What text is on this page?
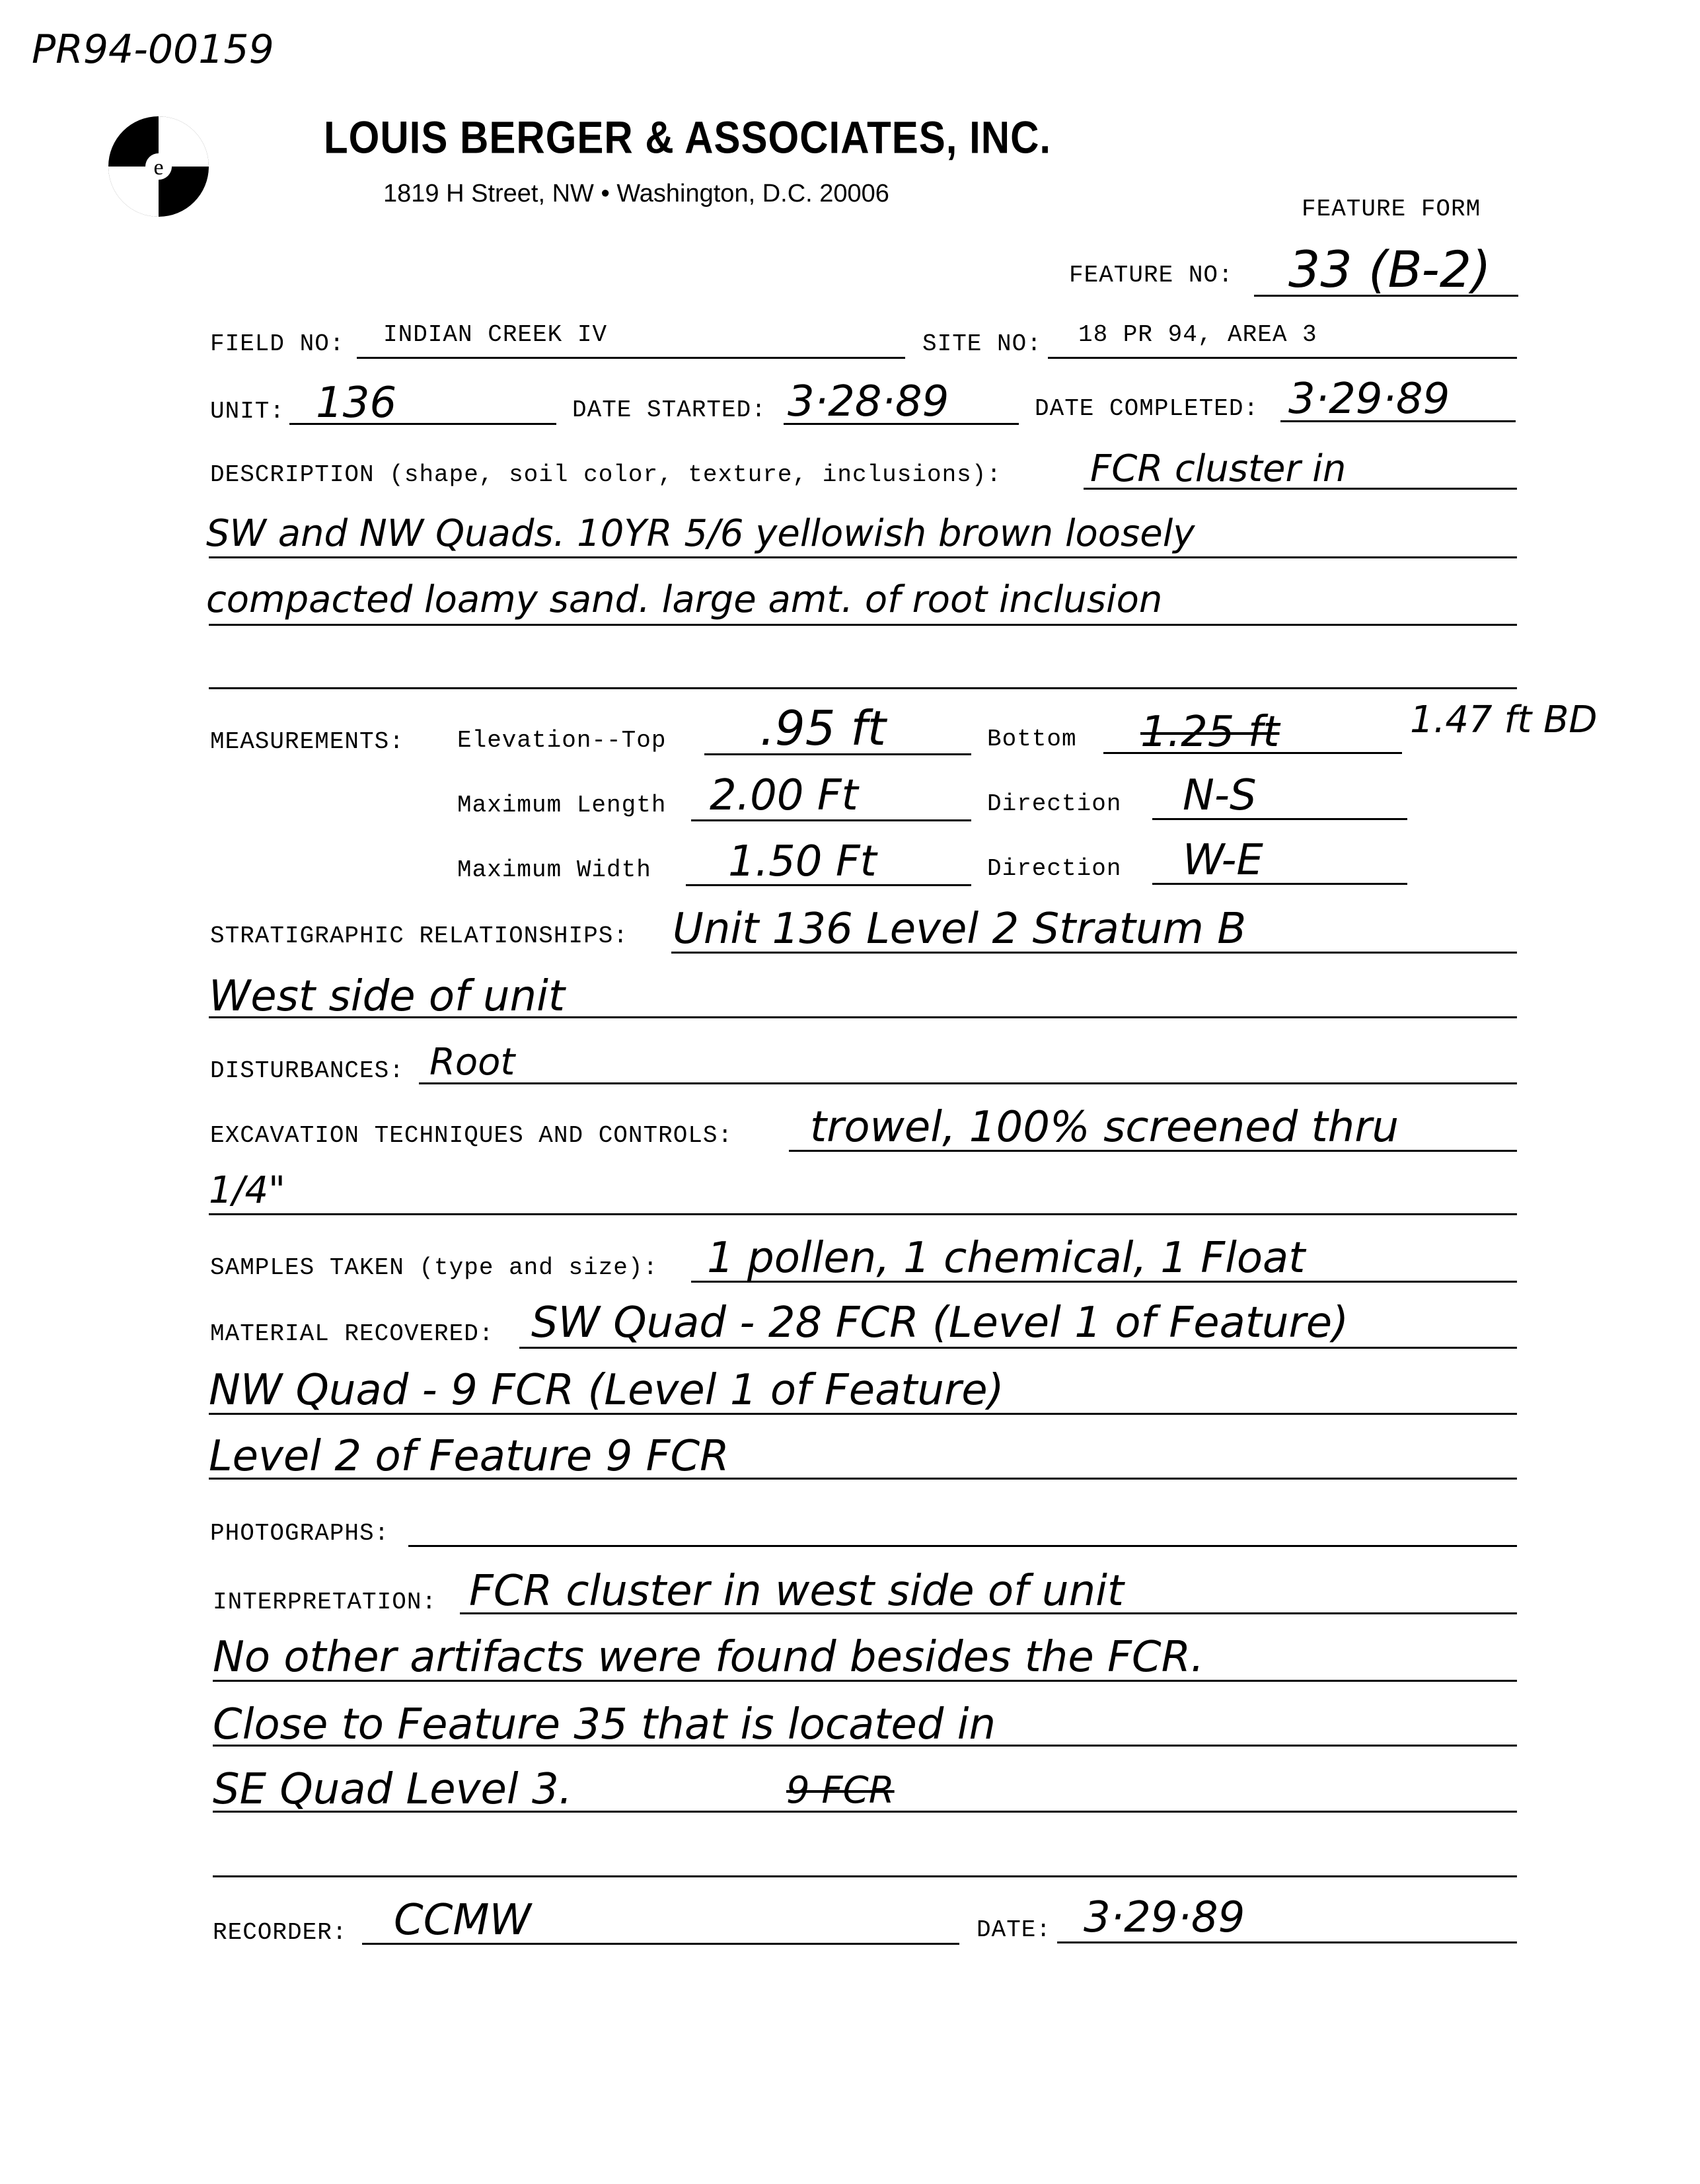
PR94-00159
e
LOUIS BERGER & ASSOCIATES, INC.
1819 H Street, NW • Washington, D.C. 20006
FEATURE FORM
FEATURE NO: 33 (B-2)
FIELD NO: INDIAN CREEK IV	SITE NO: 18 PR 94, AREA 3
UNIT: 136	DATE STARTED: 3·28·89	DATE COMPLETED: 3·29·89
DESCRIPTION (shape, soil color, texture, inclusions): FCR cluster in
SW and NW Quads. 10YR 5/6 yellowish brown loosely
compacted loamy sand. large amt. of root inclusion
MEASUREMENTS: Elevation--Top .95 ft	Bottom 1.25 ft	1.47 ft BD
Maximum Length 2.00 Ft	Direction N-S
Maximum Width 1.50 Ft	Direction W-E
STRATIGRAPHIC RELATIONSHIPS: Unit 136 Level 2 Stratum B
West side of unit
DISTURBANCES: Root
EXCAVATION TECHNIQUES AND CONTROLS: trowel, 100% screened thru
1/4"
SAMPLES TAKEN (type and size): 1 pollen, 1 chemical, 1 Float
MATERIAL RECOVERED: SW Quad - 28 FCR (Level 1 of Feature)
NW Quad - 9 FCR (Level 1 of Feature)
Level 2 of Feature 9 FCR
PHOTOGRAPHS:
INTERPRETATION: FCR cluster in west side of unit
No other artifacts were found besides the FCR.
Close to Feature 35 that is located in
SE Quad Level 3.	9 FCR
RECORDER: CCMW	DATE: 3·29·89
